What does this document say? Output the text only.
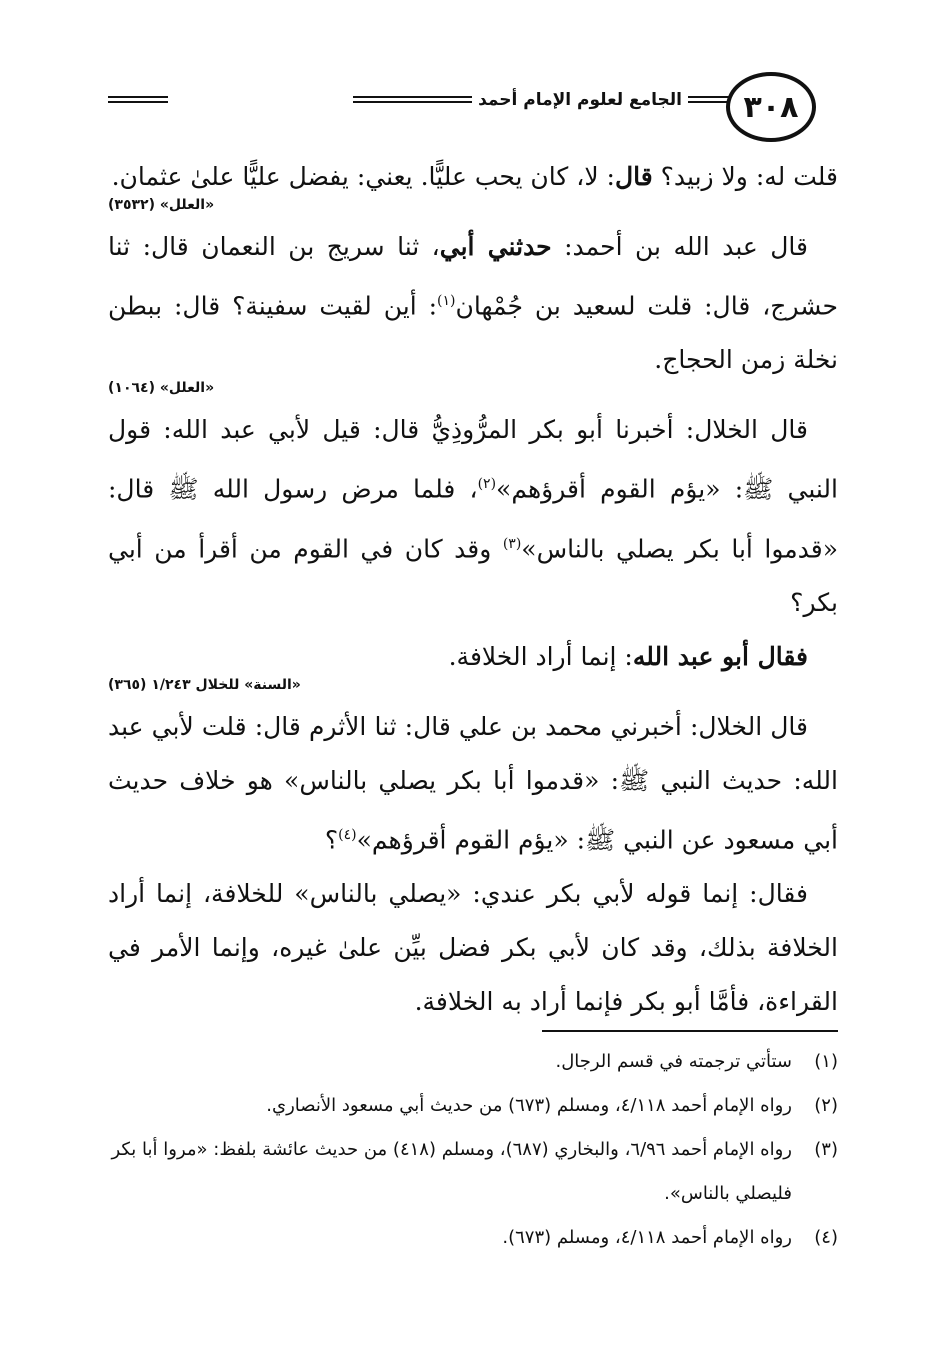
الجامع لعلوم الإمام أحمد	٣٠٨

قلت له: ولا زبيد؟ قال: لا، كان يحب عليًّا. يعني: يفضل عليًّا علىٰ عثمان.

«العلل» (٣٥٣٢)

قال عبد الله بن أحمد: حدثني أبي، ثنا سريج بن النعمان قال: ثنا حشرج، قال: قلت لسعيد بن جُمْهان$^{(١)}$: أين لقيت سفينة؟ قال: ببطن نخلة زمن الحجاج.

«العلل» (١٠٦٤)

قال الخلال: أخبرنا أبو بكر المرُّوذِيُّ قال: قيل لأبي عبد الله: قول النبي ﷺ: «يؤم القوم أقرؤهم»$^{(٢)}$، فلما مرض رسول الله ﷺ قال: «قدموا أبا بكر يصلي بالناس»$^{(٣)}$ وقد كان في القوم من أقرأ من أبي بكر؟

فقال أبو عبد الله: إنما أراد الخلافة.

«السنة» للخلال ١/٢٤٣ (٣٦٥)

قال الخلال: أخبرني محمد بن علي قال: ثنا الأثرم قال: قلت لأبي عبد الله: حديث النبي ﷺ: «قدموا أبا بكر يصلي بالناس» هو خلاف حديث أبي مسعود عن النبي ﷺ: «يؤم القوم أقرؤهم»$^{(٤)}$؟

فقال: إنما قوله لأبي بكر عندي: «يصلي بالناس» للخلافة، إنما أراد الخلافة بذلك، وقد كان لأبي بكر فضل بيِّن علىٰ غيره، وإنما الأمر في القراءة، فأمَّا أبو بكر فإنما أراد به الخلافة.

(١)
ستأتي ترجمته في قسم الرجال.
(٢)
رواه الإمام أحمد ٤/١١٨، ومسلم (٦٧٣) من حديث أبي مسعود الأنصاري.
(٣)
رواه الإمام أحمد ٦/٩٦، والبخاري (٦٨٧)، ومسلم (٤١٨) من حديث عائشة بلفظ: «مروا أبا بكر فليصلي بالناس».
(٤)
رواه الإمام أحمد ٤/١١٨، ومسلم (٦٧٣).
